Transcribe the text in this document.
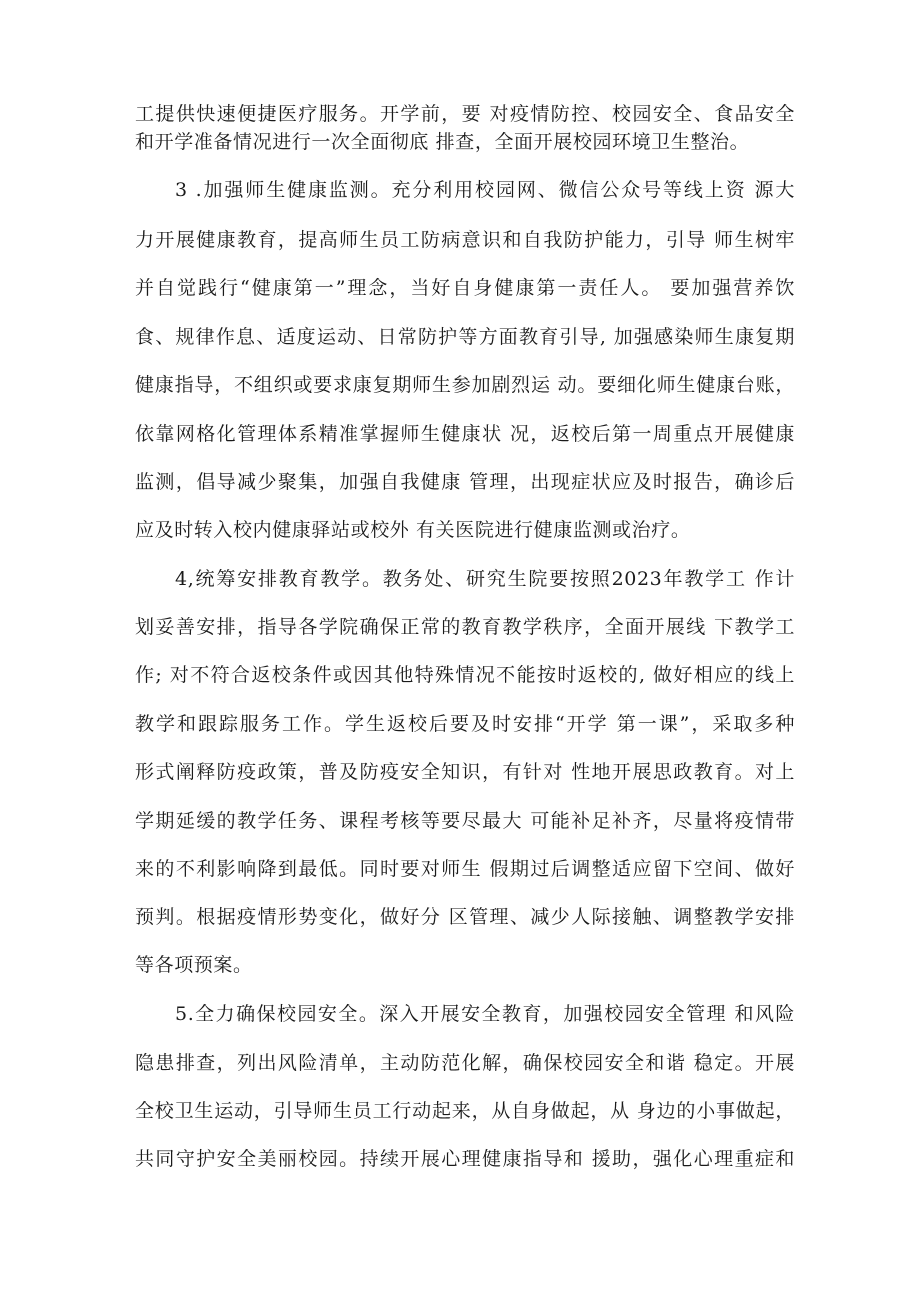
工提供快速便捷医疗服务。开学前，要 对疫情防控、校园安全、食品安全
和开学准备情况进行一次全面彻底 排查，全面开展校园环境卫生整治。
3 .加强师生健康监测。充分利用校园网、微信公众号等线上资 源大
力开展健康教育，提高师生员工防病意识和自我防护能力，引导 师生树牢
并自觉践行“健康第一”理念，当好自身健康第一责任人。 要加强营养饮
食、规律作息、适度运动、日常防护等方面教育引导, 加强感染师生康复期
健康指导，不组织或要求康复期师生参加剧烈运 动。要细化师生健康台账，
依靠网格化管理体系精准掌握师生健康状 况，返校后第一周重点开展健康
监测，倡导减少聚集，加强自我健康 管理，出现症状应及时报告，确诊后
应及时转入校内健康驿站或校外 有关医院进行健康监测或治疗。
4,统筹安排教育教学。教务处、研究生院要按照2023年教学工 作计
划妥善安排，指导各学院确保正常的教育教学秩序，全面开展线 下教学工
作; 对不符合返校条件或因其他特殊情况不能按时返校的, 做好相应的线上
教学和跟踪服务工作。学生返校后要及时安排“开学 第一课”，采取多种
形式阐释防疫政策，普及防疫安全知识，有针对 性地开展思政教育。对上
学期延缓的教学任务、课程考核等要尽最大 可能补足补齐，尽量将疫情带
来的不利影响降到最低。同时要对师生 假期过后调整适应留下空间、做好
预判。根据疫情形势变化，做好分 区管理、减少人际接触、调整教学安排
等各项预案。
5.全力确保校园安全。深入开展安全教育，加强校园安全管理 和风险
隐患排查，列出风险清单，主动防范化解，确保校园安全和谐 稳定。开展
全校卫生运动，引导师生员工行动起来，从自身做起，从 身边的小事做起，
共同守护安全美丽校园。持续开展心理健康指导和 援助，强化心理重症和
